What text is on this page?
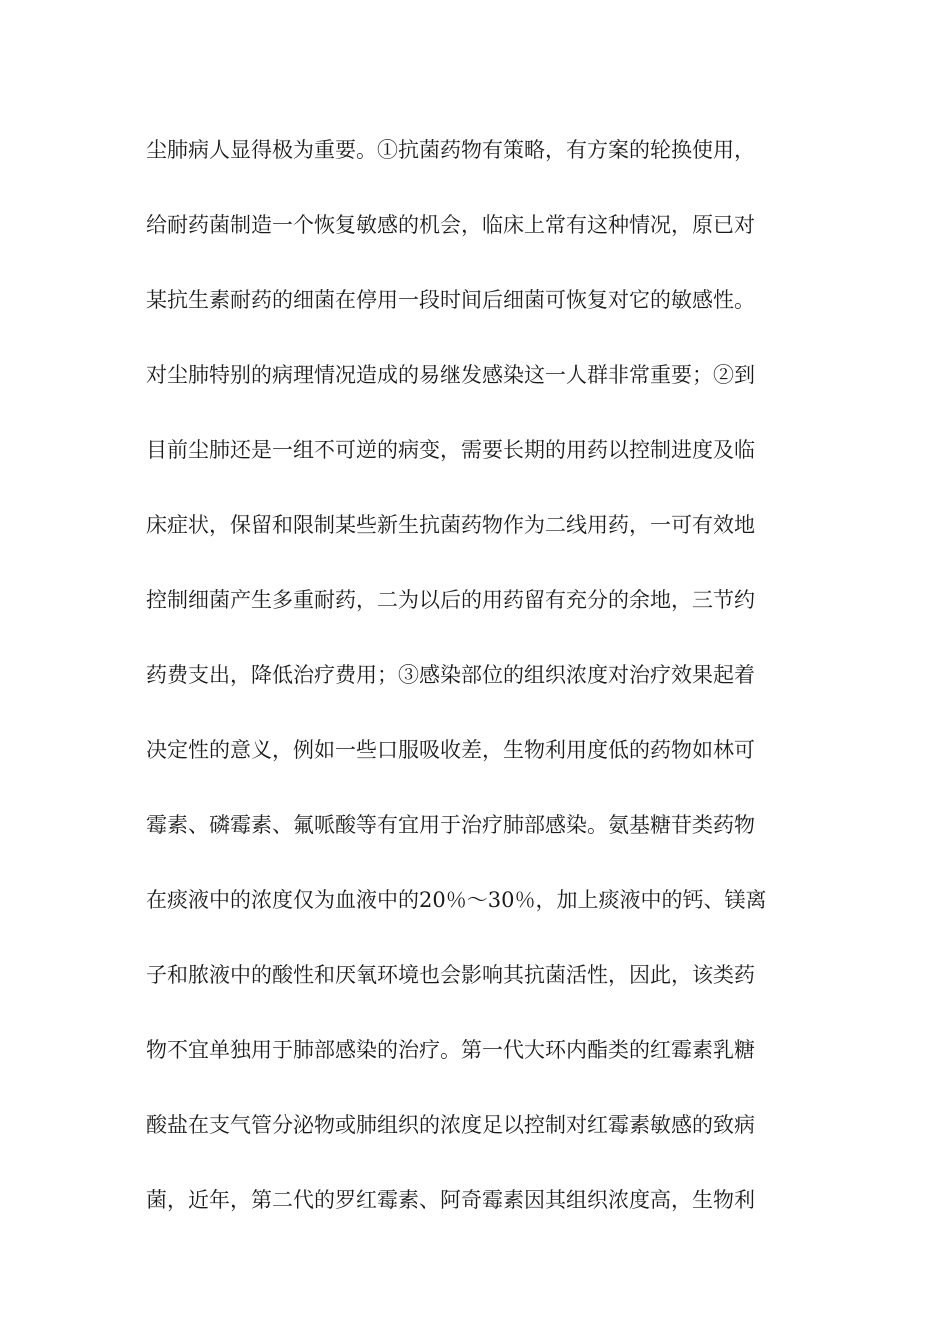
尘肺病人显得极为重要。①抗菌药物有策略，有方案的轮换使用，
给耐药菌制造一个恢复敏感的机会，临床上常有这种情况，原已对
某抗生素耐药的细菌在停用一段时间后细菌可恢复对它的敏感性。
对尘肺特别的病理情况造成的易继发感染这一人群非常重要；②到
目前尘肺还是一组不可逆的病变，需要长期的用药以控制进度及临
床症状，保留和限制某些新生抗菌药物作为二线用药，一可有效地
控制细菌产生多重耐药，二为以后的用药留有充分的余地，三节约
药费支出，降低治疗费用；③感染部位的组织浓度对治疗效果起着
决定性的意义，例如一些口服吸收差，生物利用度低的药物如林可
霉素、磷霉素、氟哌酸等有宜用于治疗肺部感染。氨基糖苷类药物
在痰液中的浓度仅为血液中的20％～30％，加上痰液中的钙、镁离
子和脓液中的酸性和厌氧环境也会影响其抗菌活性，因此，该类药
物不宜单独用于肺部感染的治疗。第一代大环内酯类的红霉素乳糖
酸盐在支气管分泌物或肺组织的浓度足以控制对红霉素敏感的致病
菌，近年，第二代的罗红霉素、阿奇霉素因其组织浓度高，生物利
